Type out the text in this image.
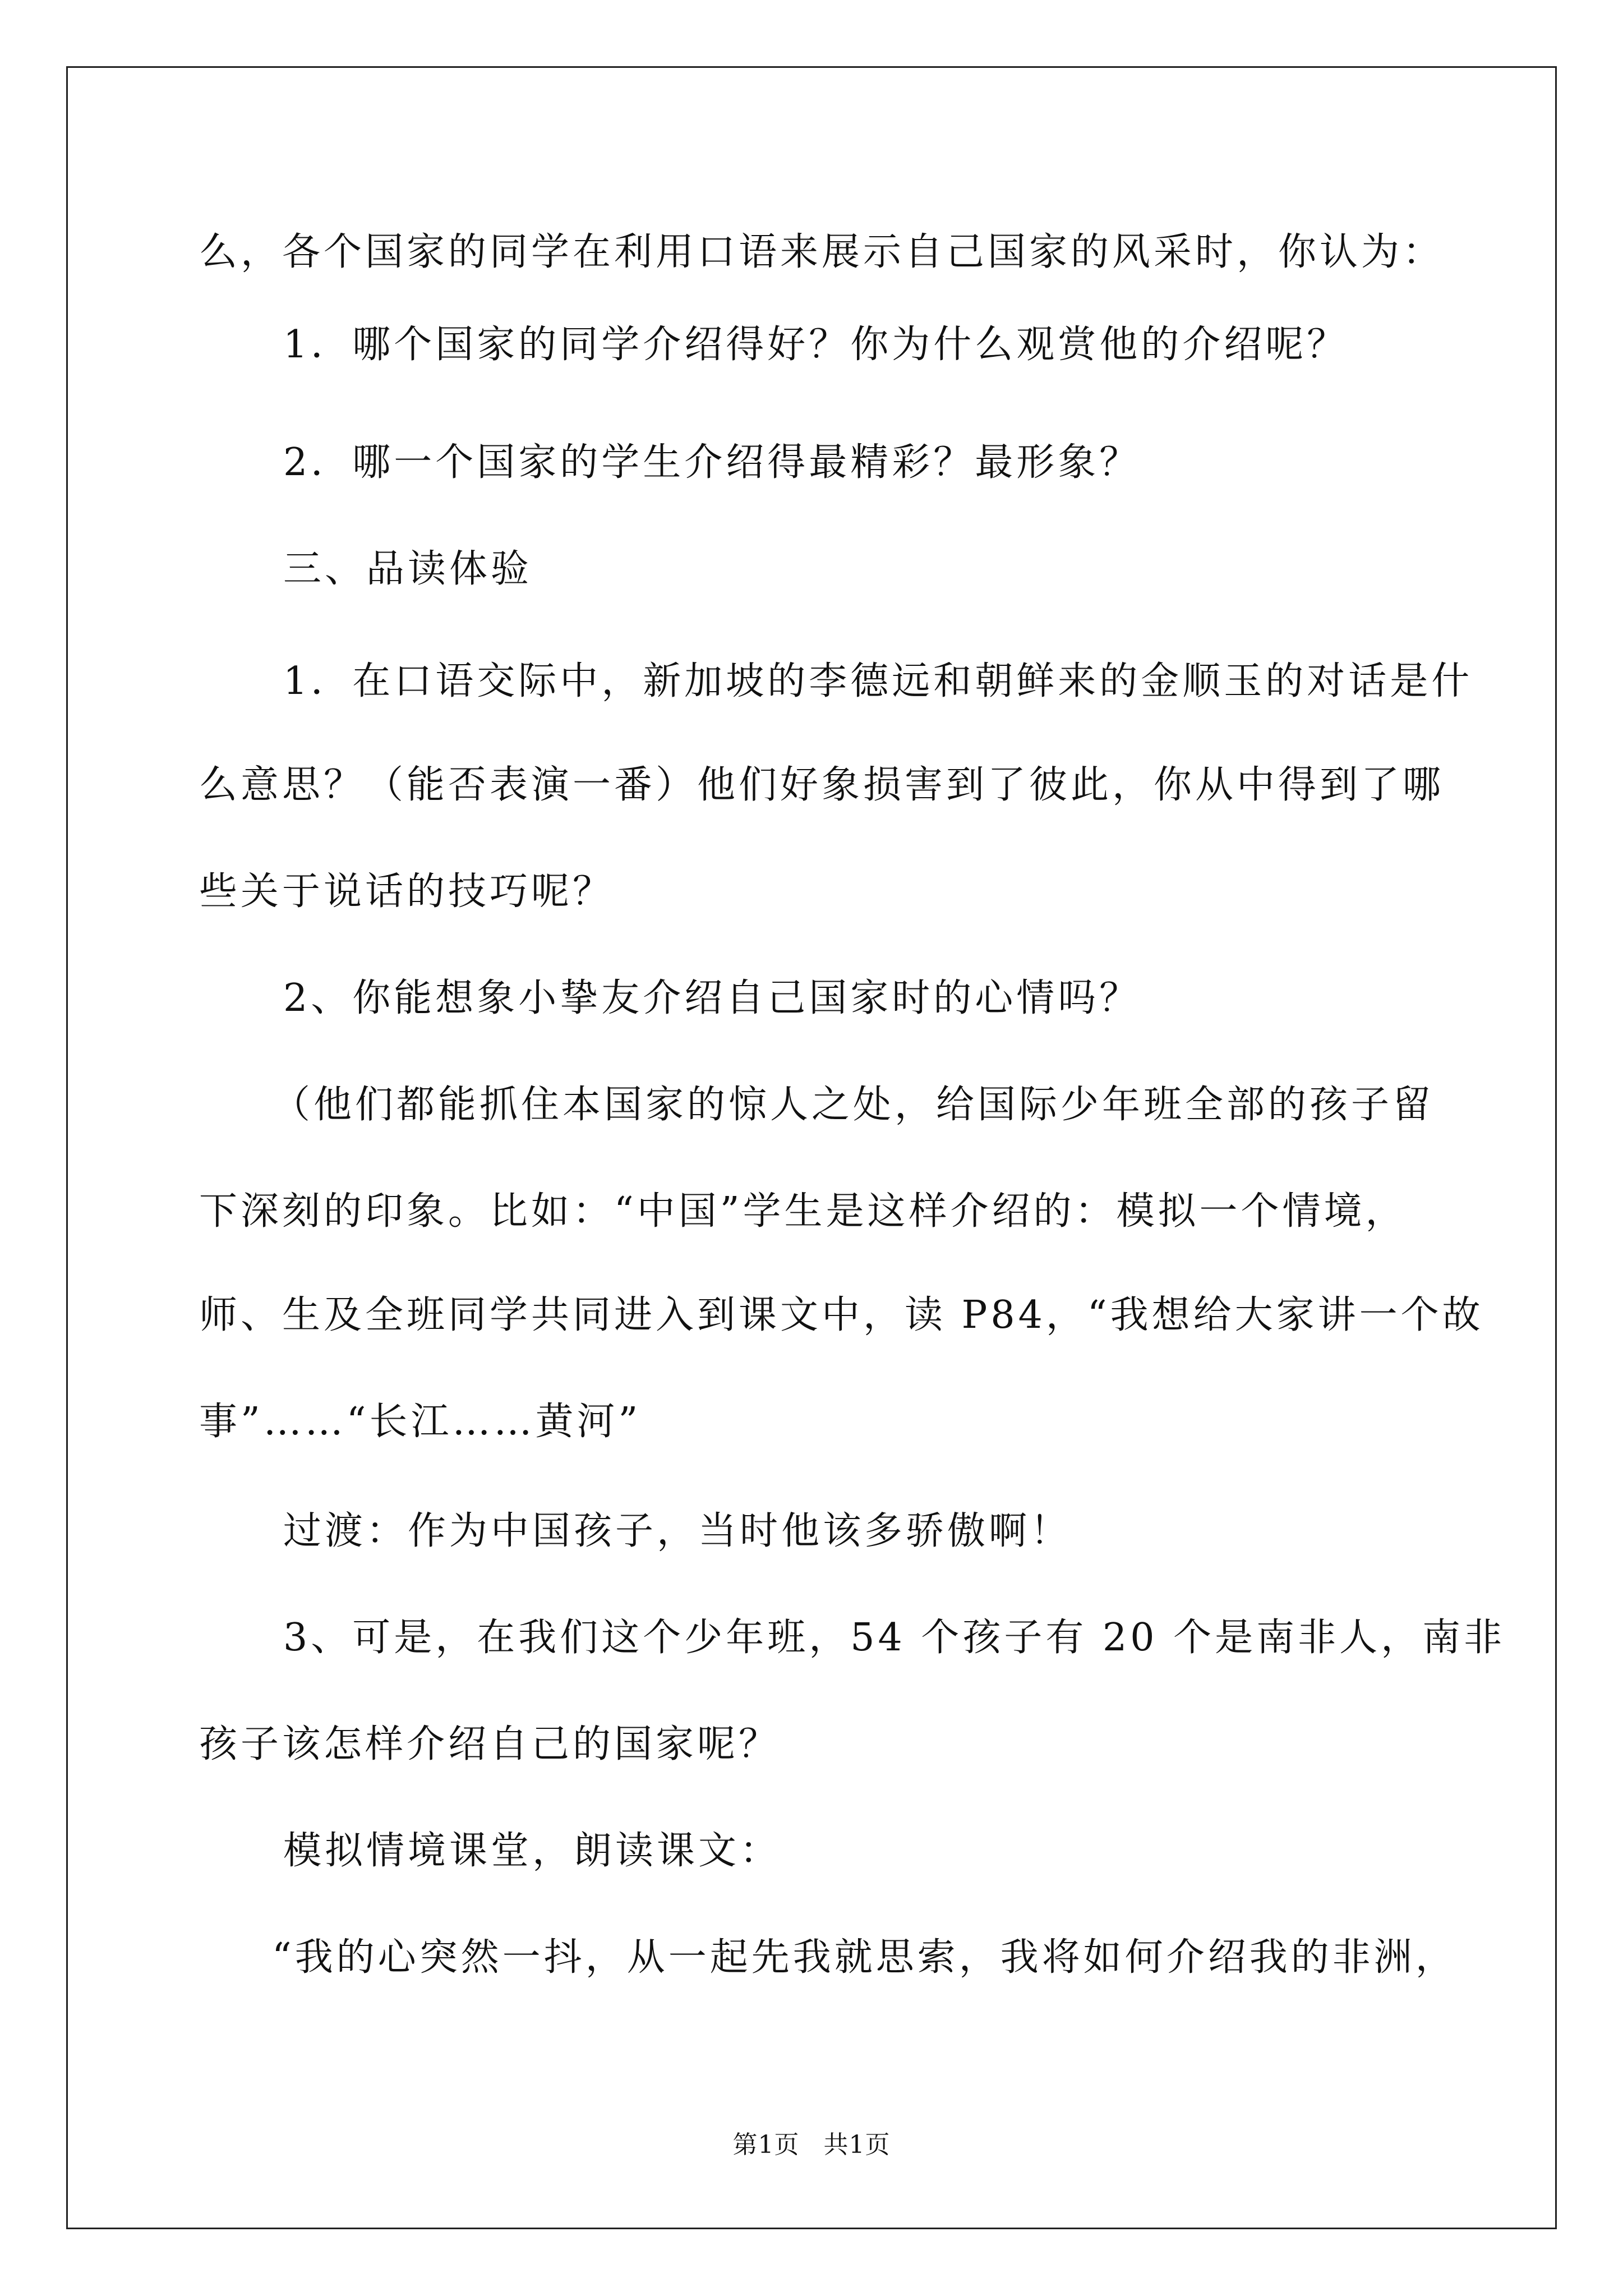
么，各个国家的同学在利用口语来展示自己国家的风采时，你认为：
1．哪个国家的同学介绍得好？你为什么观赏他的介绍呢？
2．哪一个国家的学生介绍得最精彩？最形象？
三、品读体验
1．在口语交际中，新加坡的李德远和朝鲜来的金顺玉的对话是什
么意思？（能否表演一番）他们好象损害到了彼此，你从中得到了哪
些关于说话的技巧呢？
2、你能想象小挚友介绍自己国家时的心情吗？
（他们都能抓住本国家的惊人之处，给国际少年班全部的孩子留
下深刻的印象。比如：“中国”学生是这样介绍的：模拟一个情境，
师、生及全班同学共同进入到课文中，读 P84，“我想给大家讲一个故
事”……“长江……黄河”
过渡：作为中国孩子，当时他该多骄傲啊！
3、可是，在我们这个少年班，54 个孩子有 20 个是南非人，南非
孩子该怎样介绍自己的国家呢？
模拟情境课堂，朗读课文：
“我的心突然一抖，从一起先我就思索，我将如何介绍我的非洲，
第1页 共1页
